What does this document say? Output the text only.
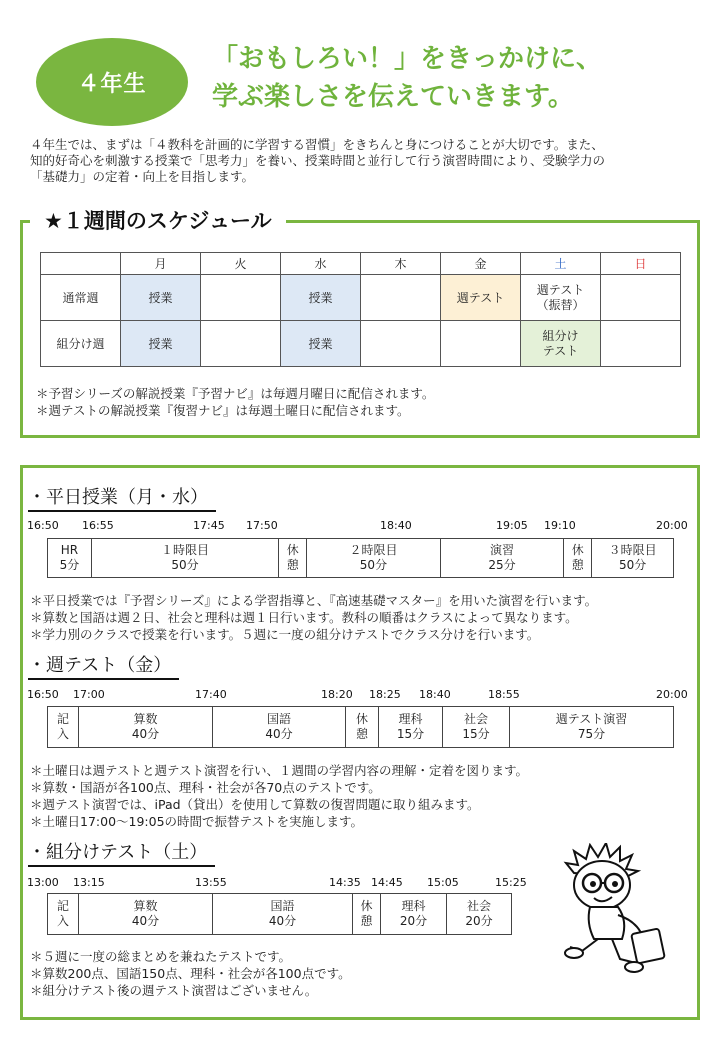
４年生
「おもしろい！」をきっかけに、
学ぶ楽しさを伝えていきます。
４年生では、まずは「４教科を計画的に学習する習慣」をきちんと身につけることが大切です。また、
知的好奇心を刺激する授業で「思考力」を養い、授業時間と並行して行う演習時間により、受験学力の
「基礎力」の定着・向上を目指します。
★１週間のスケジュール
	月	火	水	木	金	土	日
通常週	授業		授業		週テスト	週テスト
（振替）	
組分け週	授業		授業			組分け
テスト	
＊予習シリーズの解説授業『予習ナビ』は毎週月曜日に配信されます。
＊週テストの解説授業『復習ナビ』は毎週土曜日に配信されます。
・平日授業（月・水）
16:50 16:55	17:45 17:50	18:40	19:05 19:10	20:00
HR
5分
１時限目
50分
休
憩
２時限目
50分
演習
25分
休
憩
３時限目
50分
＊平日授業では『予習シリーズ』による学習指導と、『高速基礎マスター』を用いた演習を行います。
＊算数と国語は週２日、社会と理科は週１日行います。教科の順番はクラスによって異なります。
＊学力別のクラスで授業を行います。５週に一度の組分けテストでクラス分けを行います。
・週テスト（金）
16:50 17:00	17:40	18:20 18:25 18:40	18:55	20:00
記
入
算数
40分
国語
40分
休
憩
理科
15分
社会
15分
週テスト演習
75分
＊土曜日は週テストと週テスト演習を行い、１週間の学習内容の理解・定着を図ります。
＊算数・国語が各100点、理科・社会が各70点のテストです。
＊週テスト演習では、iPad（貸出）を使用して算数の復習問題に取り組みます。
＊土曜日17:00～19:05の時間で振替テストを実施します。
・組分けテスト（土）
13:00 13:15	13:55	14:35 14:45 15:05	15:25
記
入
算数
40分
国語
40分
休
憩
理科
20分
社会
20分
＊５週に一度の総まとめを兼ねたテストです。
＊算数200点、国語150点、理科・社会が各100点です。
＊組分けテスト後の週テスト演習はございません。
